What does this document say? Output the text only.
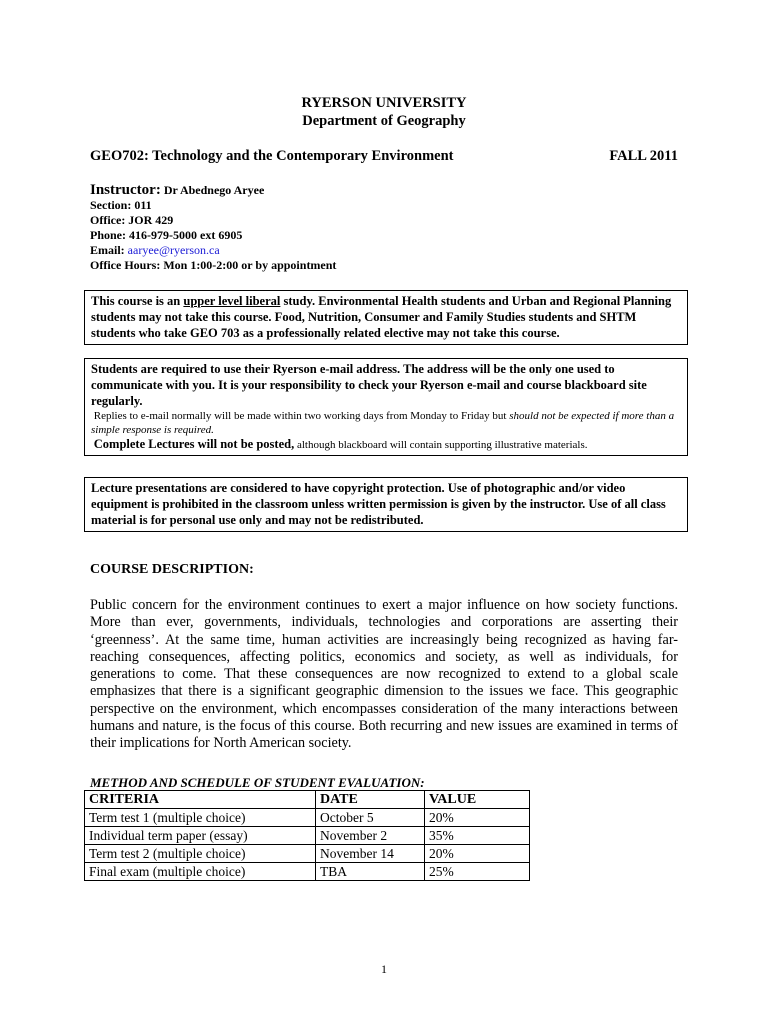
RYERSON UNIVERSITY
Department of Geography
GEO702: Technology and the Contemporary Environment	FALL 2011
Instructor: Dr Abednego Aryee
Section: 011
Office: JOR 429
Phone: 416-979-5000 ext 6905
Email: aaryee@ryerson.ca
Office Hours: Mon 1:00-2:00 or by appointment
This course is an upper level liberal study. Environmental Health students and Urban and Regional Planning students may not take this course. Food, Nutrition, Consumer and Family Studies students and SHTM students who take GEO 703 as a professionally related elective may not take this course.
Students are required to use their Ryerson e-mail address. The address will be the only one used to communicate with you. It is your responsibility to check your Ryerson e-mail and course blackboard site regularly.
Replies to e-mail normally will be made within two working days from Monday to Friday but should not be expected if more than a simple response is required.
Complete Lectures will not be posted, although blackboard will contain supporting illustrative materials.
Lecture presentations are considered to have copyright protection. Use of photographic and/or video equipment is prohibited in the classroom unless written permission is given by the instructor. Use of all class material is for personal use only and may not be redistributed.
COURSE DESCRIPTION:
Public concern for the environment continues to exert a major influence on how society functions. More than ever, governments, individuals, technologies and corporations are asserting their ‘greenness’. At the same time, human activities are increasingly being recognized as having far-reaching consequences, affecting politics, economics and society, as well as individuals, for generations to come. That these consequences are now recognized to extend to a global scale emphasizes that there is a significant geographic dimension to the issues we face. This geographic perspective on the environment, which encompasses consideration of the many interactions between humans and nature, is the focus of this course. Both recurring and new issues are examined in terms of their implications for North American society.
METHOD AND SCHEDULE OF STUDENT EVALUATION:
CRITERIA	DATE	VALUE
Term test 1 (multiple choice)	October 5	20%
Individual term paper (essay)	November 2	35%
Term test 2 (multiple choice)	November 14	20%
Final exam (multiple choice)	TBA	25%
1
